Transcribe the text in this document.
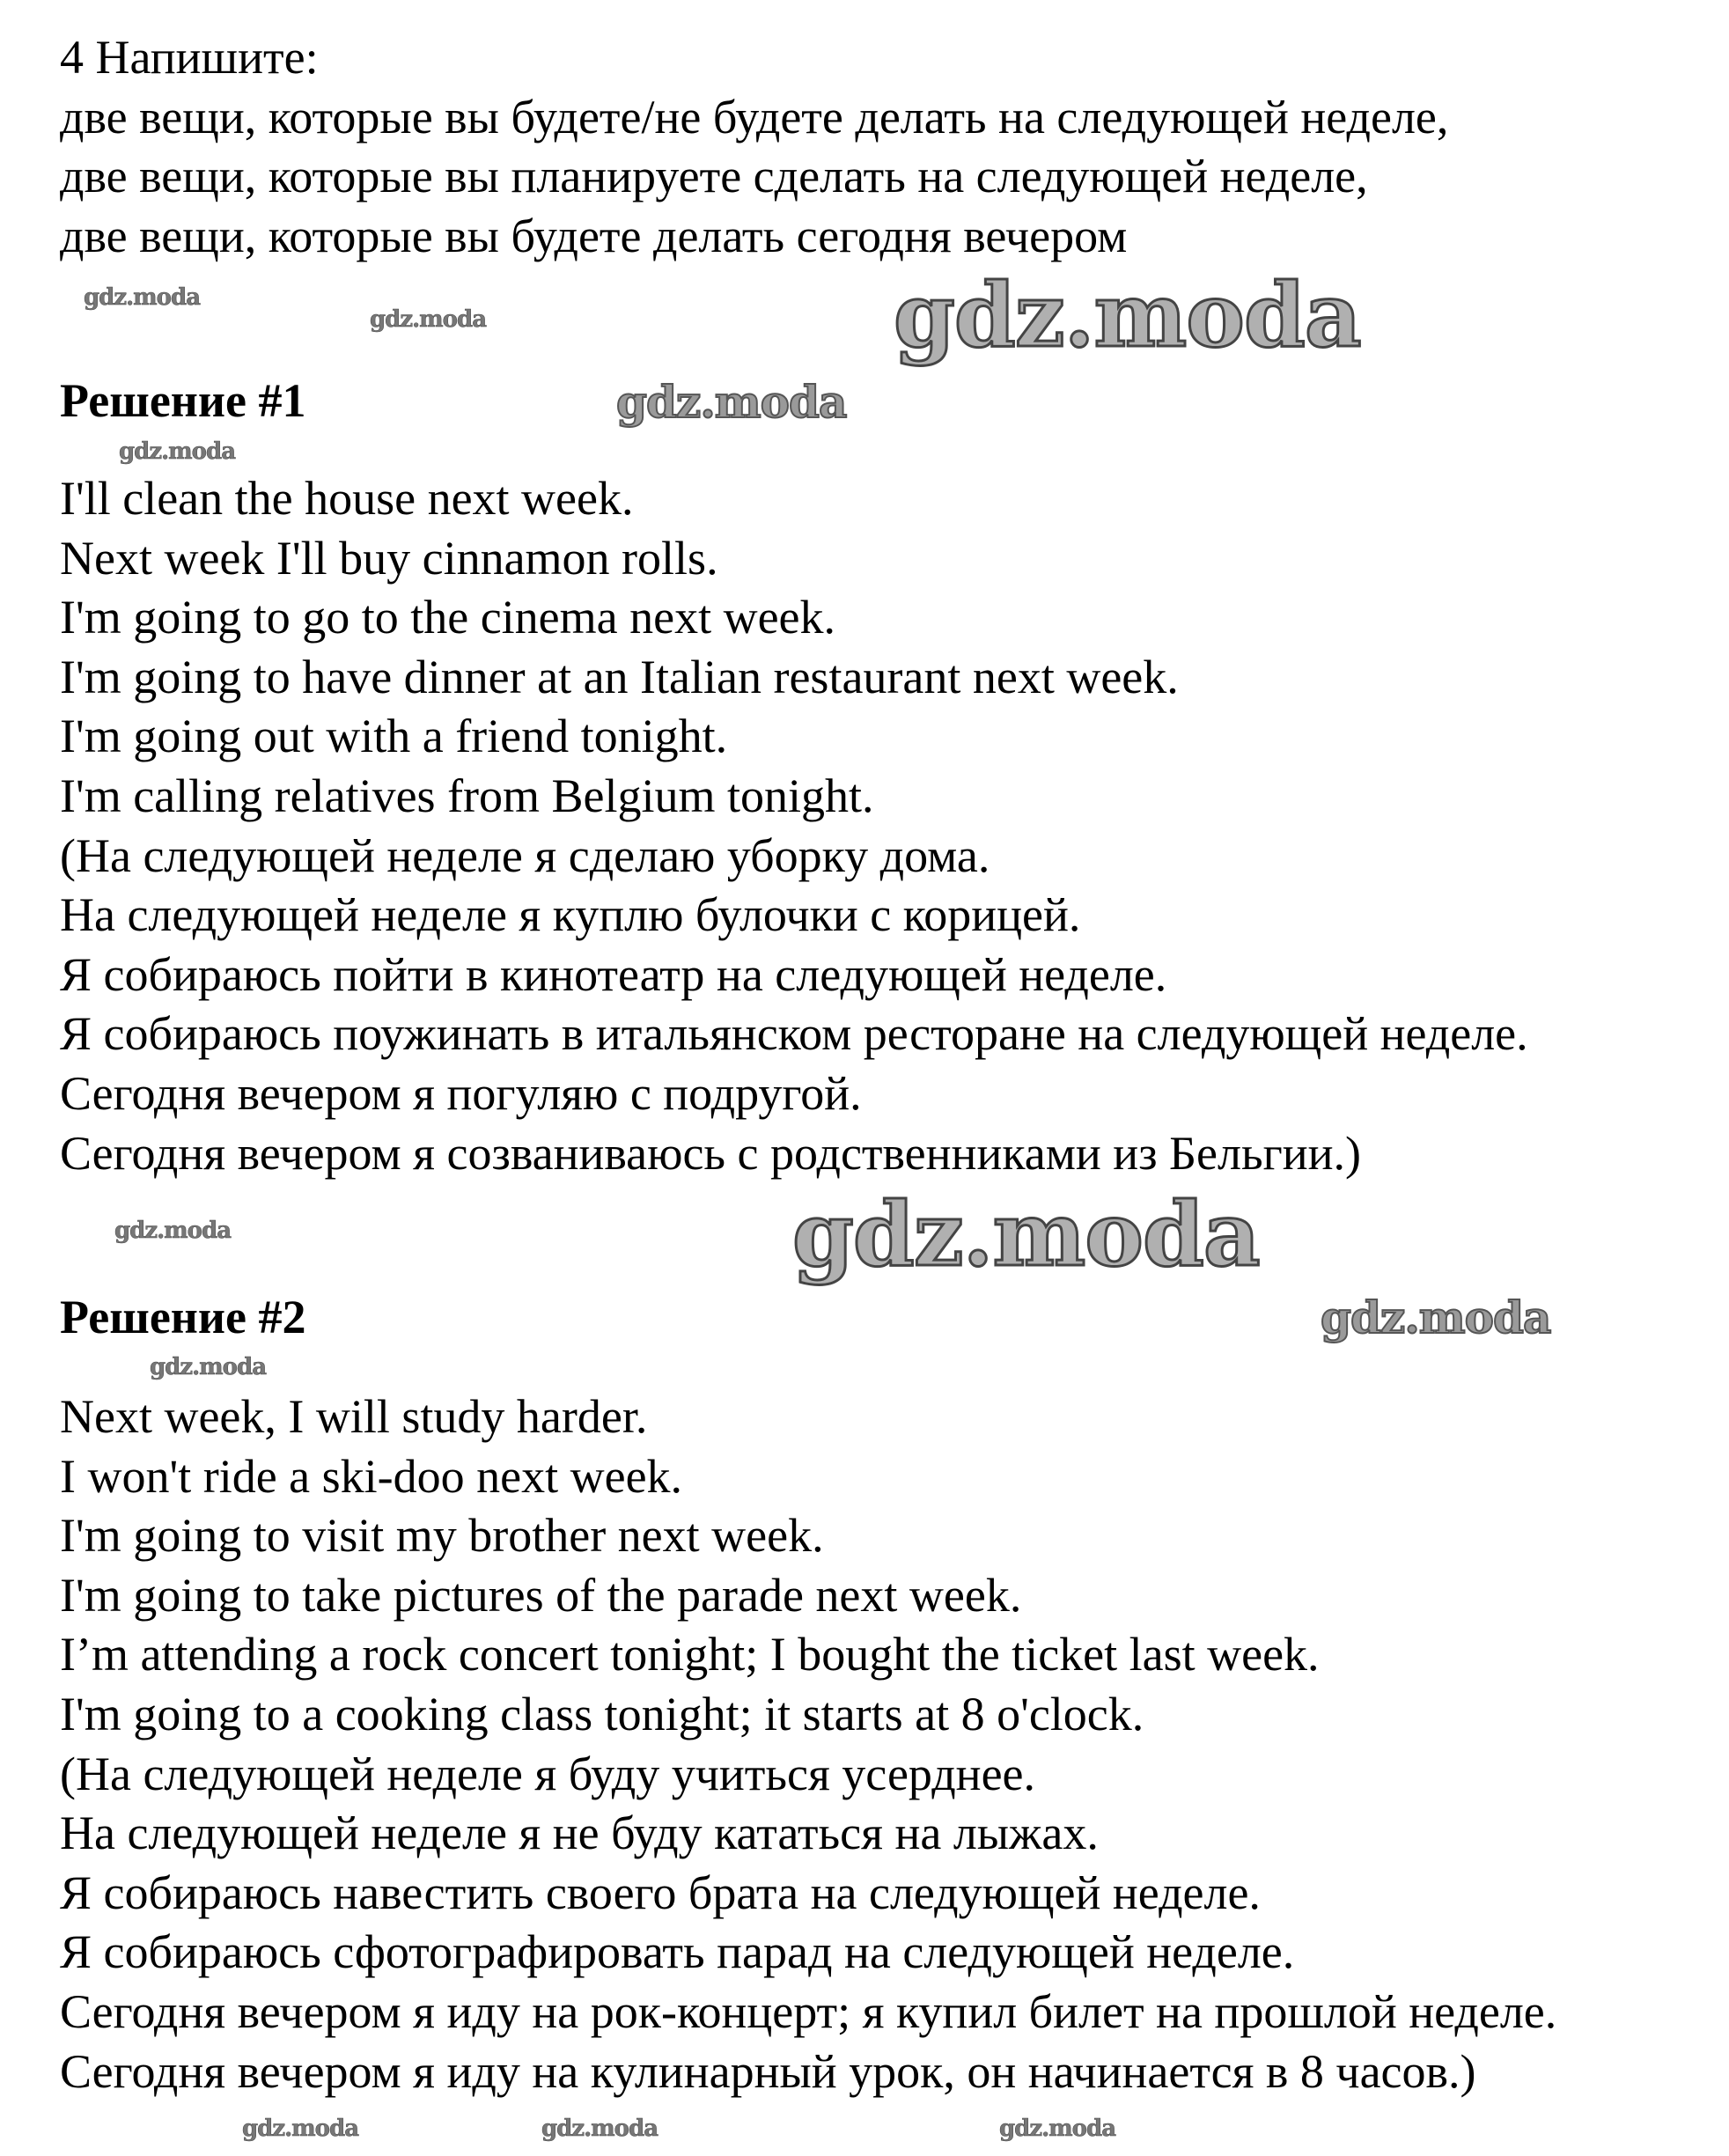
4 Напишите:
две вещи, которые вы будете/не будете делать на следующей неделе,
две вещи, которые вы планируете сделать на следующей неделе,
две вещи, которые вы будете делать сегодня вечером
Решение #1
I'll clean the house next week.
Next week I'll buy cinnamon rolls.
I'm going to go to the cinema next week.
I'm going to have dinner at an Italian restaurant next week.
I'm going out with a friend tonight.
I'm calling relatives from Belgium tonight.
(На следующей неделе я сделаю уборку дома.
На следующей неделе я куплю булочки с корицей.
Я собираюсь пойти в кинотеатр на следующей неделе.
Я собираюсь поужинать в итальянском ресторане на следующей неделе.
Сегодня вечером я погуляю с подругой.
Сегодня вечером я созваниваюсь с родственниками из Бельгии.)
Решение #2
Next week, I will study harder.
I won't ride a ski-doo next week.
I'm going to visit my brother next week.
I'm going to take pictures of the parade next week.
I’m attending a rock concert tonight; I bought the ticket last week.
I'm going to a cooking class tonight; it starts at 8 o'clock.
(На следующей неделе я буду учиться усерднее.
На следующей неделе я не буду кататься на лыжах.
Я собираюсь навестить своего брата на следующей неделе.
Я собираюсь сфотографировать парад на следующей неделе.
Сегодня вечером я иду на рок-концерт; я купил билет на прошлой неделе.
Сегодня вечером я иду на кулинарный урок, он начинается в 8 часов.)
gdz.moda
gdz.moda	gdz.moda
gdz.moda
gdz.moda
gdz.moda	gdz.moda
gdz.moda
gdz.moda
gdz.moda	gdz.moda	gdz.moda
